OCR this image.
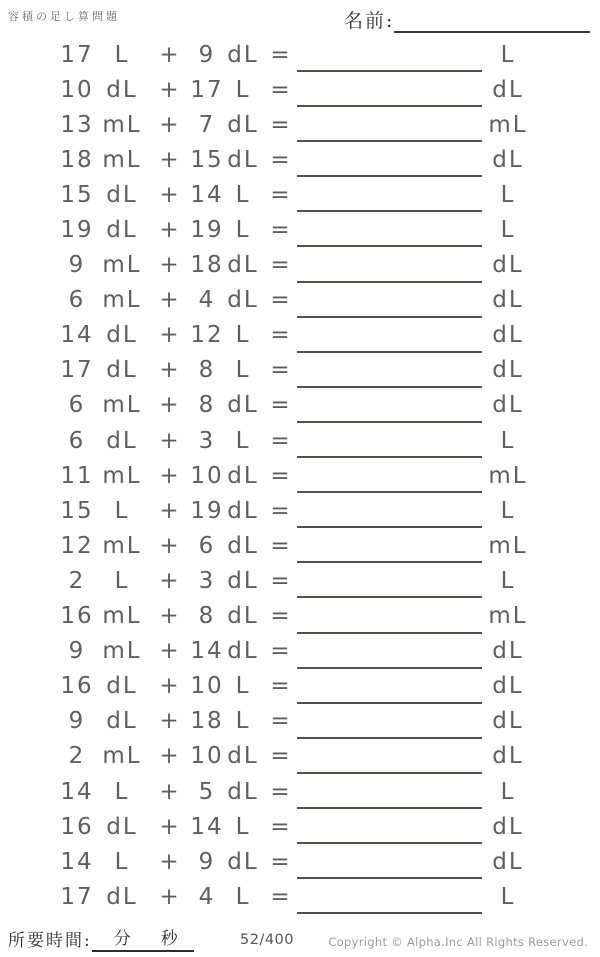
容積の足し算問題	名前:
17 L	+ 9 dL =	L
10 dL + 17 L =	dL
13 mL + 7 dL =	mL
18 mL + 15 dL =	dL
15 dL + 14 L =	L
19 dL + 19 L =	L
9 mL + 18 dL =	dL
6 mL + 4 dL =	dL
14 dL + 12 L =	dL
17 dL + 8 L =	dL
6 mL + 8 dL =	dL
6 dL + 3 L =	L
11 mL + 10 dL =	mL
15 L	+ 19 dL =	L
12 mL + 6 dL =	mL
2	L	+ 3 dL =	L
16 mL + 8 dL =	mL
9 mL + 14 dL =	dL
16 dL + 10 L =	dL
9 dL + 18 L =	dL
2 mL + 10 dL =	dL
14 L	+ 5 dL =	L
16 dL + 14 L =	dL
14 L	+ 9 dL =	dL
17 dL + 4 L =	L
所要時間: 分 秒	52/400	Copyright © Alpha.Inc All Rights Reserved.
